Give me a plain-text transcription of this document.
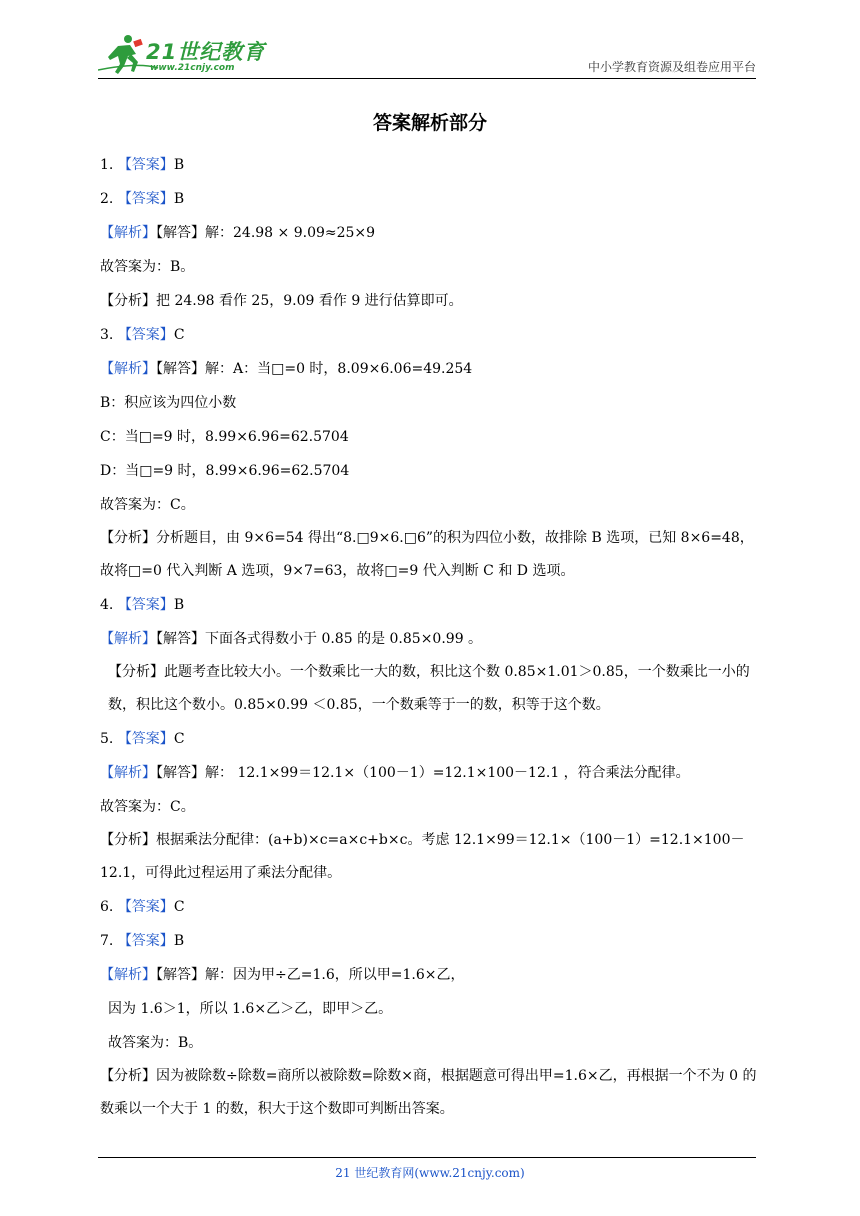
21世纪教育
www.21cnjy.com	中小学教育资源及组卷应用平台
答案解析部分
1. 【答案】B
2. 【答案】B
【解析】【解答】解：24.98 × 9.09≈25×9
故答案为：B。
【分析】把 24.98 看作 25，9.09 看作 9 进行估算即可。
3. 【答案】C
【解析】【解答】解：A：当□=0 时，8.09×6.06=49.254
B：积应该为四位小数
C：当□=9 时，8.99×6.96=62.5704
D：当□=9 时，8.99×6.96=62.5704
故答案为：C。
【分析】分析题目，由 9×6=54 得出“8.□9×6.□6”的积为四位小数，故排除 B 选项，已知 8×6=48，故将□=0 代入判断 A 选项，9×7=63，故将□=9 代入判断 C 和 D 选项。
4. 【答案】B
【解析】【解答】下面各式得数小于 0.85 的是 0.85×0.99 。
【分析】此题考查比较大小。一个数乘比一大的数，积比这个数 0.85×1.01＞0.85，一个数乘比一小的数，积比这个数小。0.85×0.99 ＜0.85，一个数乘等于一的数，积等于这个数。
5. 【答案】C
【解析】【解答】解： 12.1×99＝12.1×（100－1）=12.1×100－12.1 ，符合乘法分配律。
故答案为：C。
【分析】根据乘法分配律：(a+b)×c=a×c+b×c。考虑 12.1×99＝12.1×（100－1）=12.1×100－12.1，可得此过程运用了乘法分配律。
6. 【答案】C
7. 【答案】B
【解析】【解答】解：因为甲÷乙=1.6，所以甲=1.6×乙，
因为 1.6＞1，所以 1.6×乙＞乙，即甲＞乙。
故答案为：B。
【分析】因为被除数÷除数=商所以被除数=除数×商，根据题意可得出甲=1.6×乙，再根据一个不为 0 的数乘以一个大于 1 的数，积大于这个数即可判断出答案。
21 世纪教育网(www.21cnjy.com)
